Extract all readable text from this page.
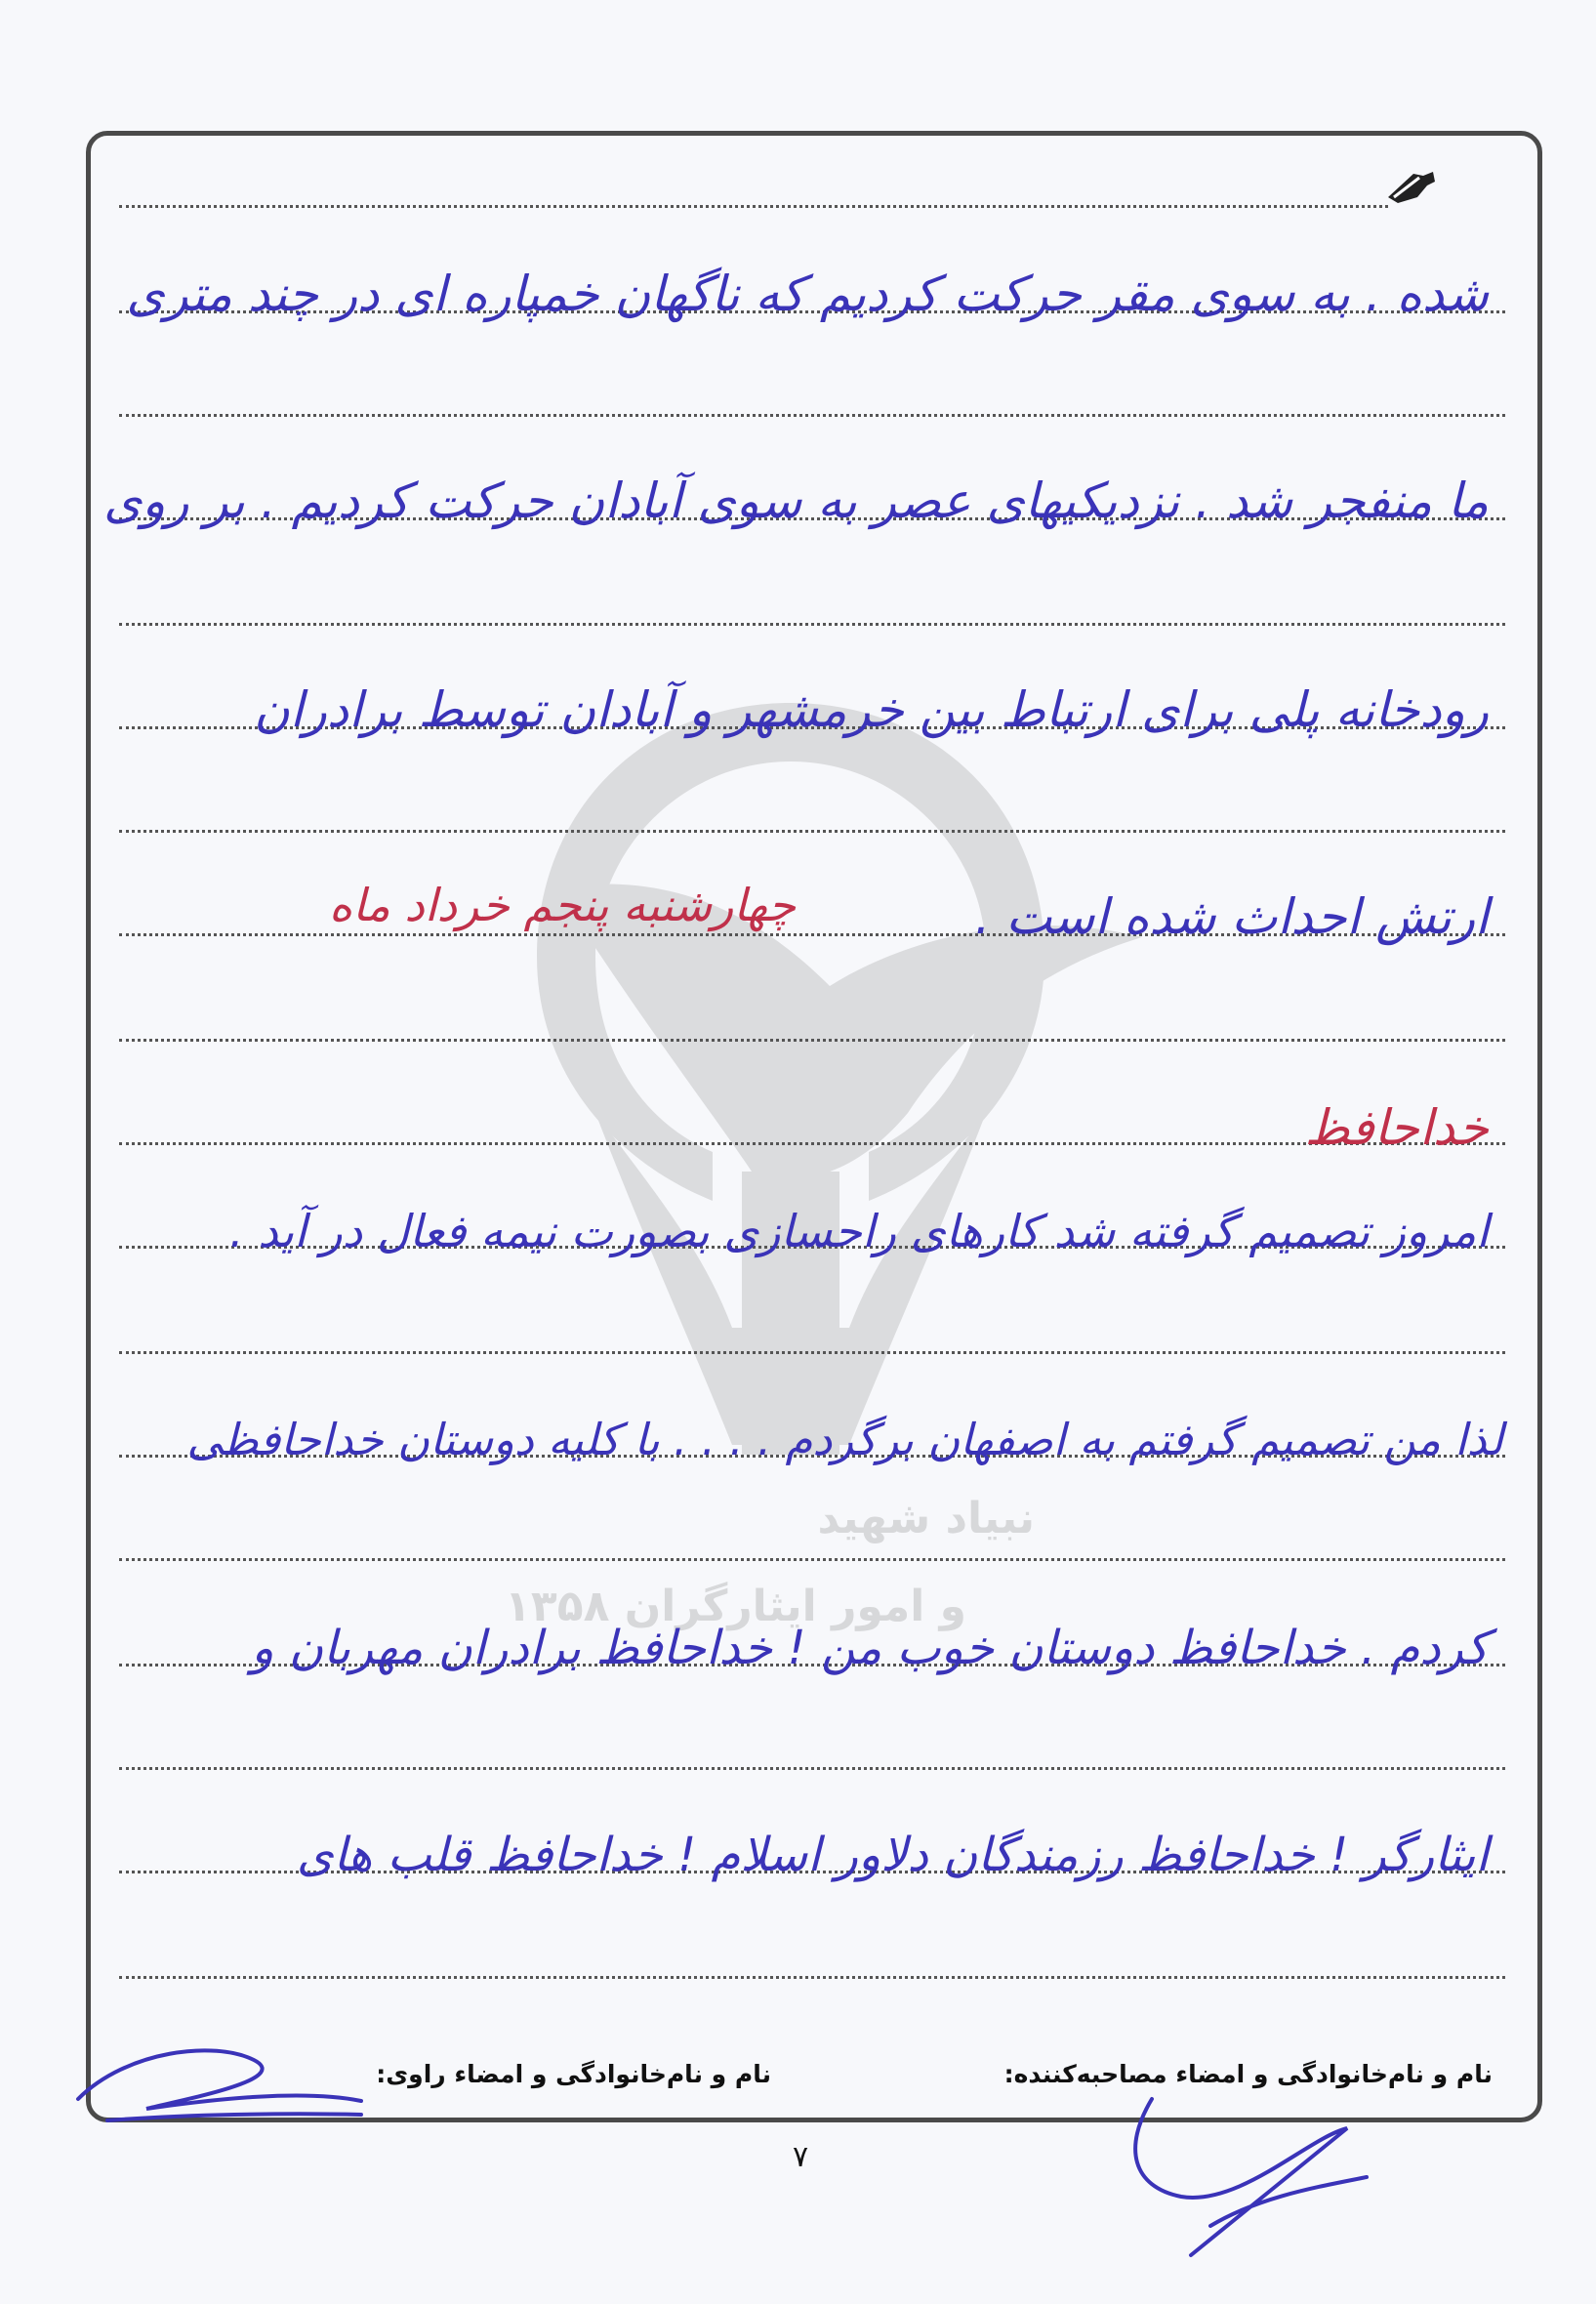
نبیاد شهید
۱۳۵۸ و امور ایثارگران
شده . به سوی مقر حرکت کردیم که ناگهان خمپاره ای در چند متری
ما منفجر شد . نزدیکیهای عصر به سوی آبادان حرکت کردیم . بر روی
رودخانه پلی برای ارتباط بین خرمشهر و آبادان توسط برادران
ارتش احداث شده است .
چهارشنبه پنجم خرداد ماه
خداحافظ
امروز تصمیم گرفته شد کارهای راحسازی بصورت نیمه فعال در آید .
لذا من تصمیم گرفتم به اصفهان برگردم . . . . با کلیه دوستان خداحافظی
کردم . خداحافظ دوستان خوب من ! خداحافظ برادران مهربان و
ایثارگر ! خداحافظ رزمندگان دلاور اسلام ! خداحافظ قلب های
نام و نام‌خانوادگی و امضاء مصاحبه‌کننده:
نام و نام‌خانوادگی و امضاء راوی:
۷
